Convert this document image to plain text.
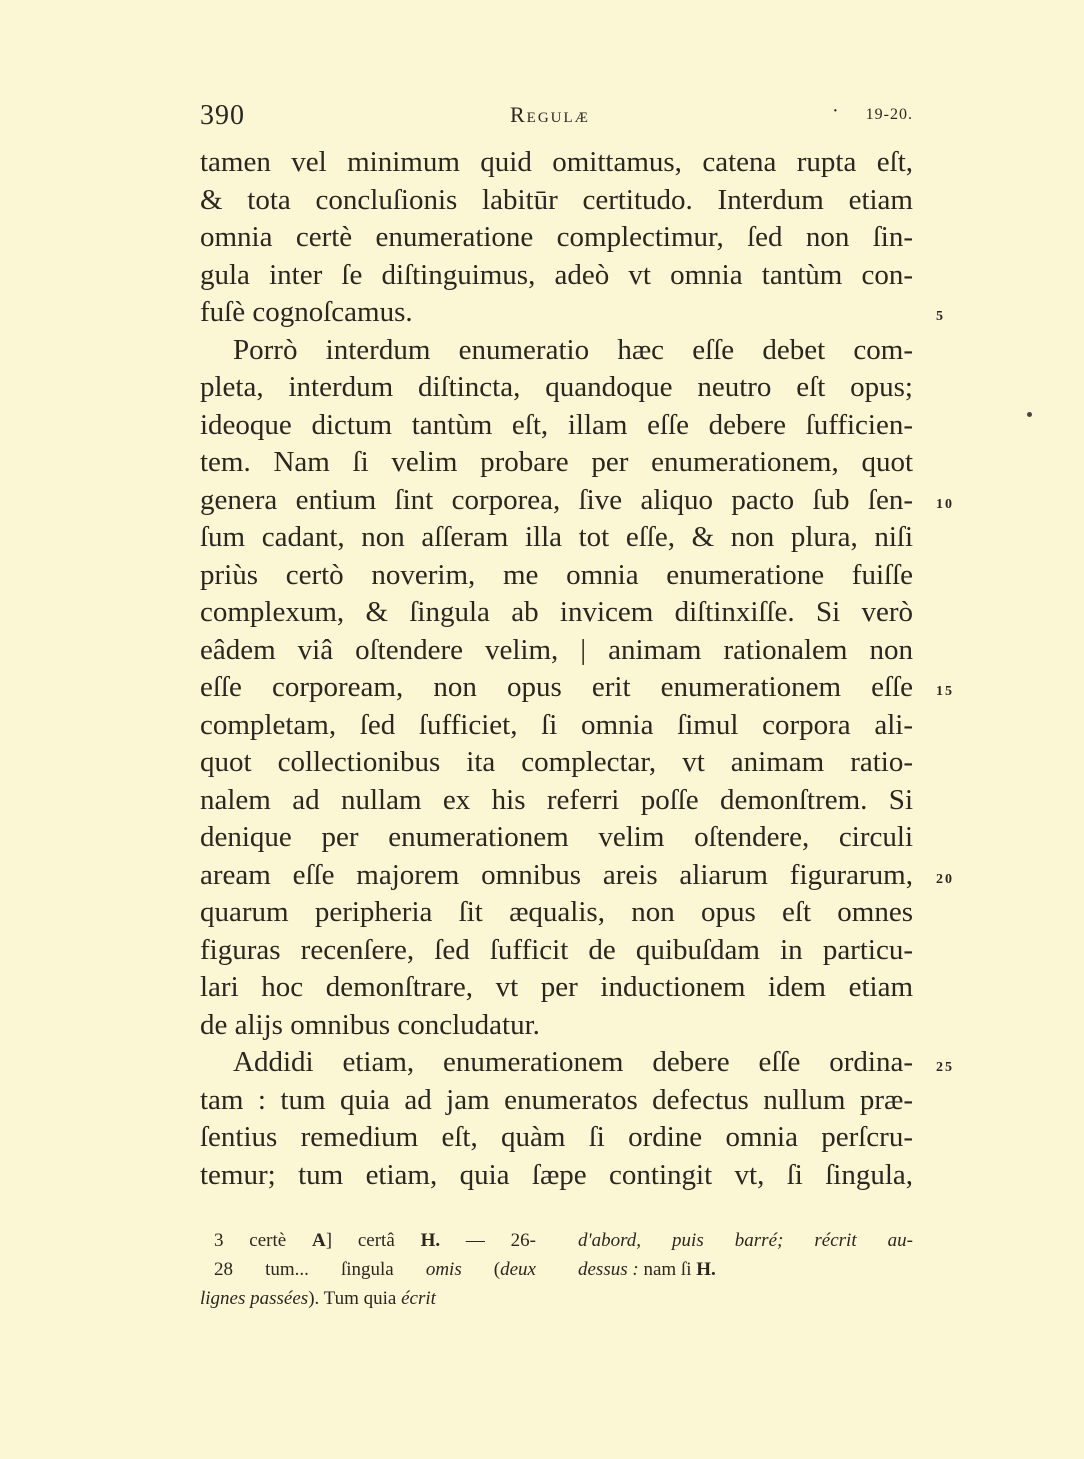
390	Regulæ	· 19-20.
tamen vel minimum quid omittamus, catena rupta eſt,
& tota concluſionis labitūr certitudo. Interdum etiam
omnia certè enumeratione complectimur, ſed non ſin-
gula inter ſe diſtinguimus, adeò vt omnia tantùm con-
fuſè cognoſcamus.
Porrò interdum enumeratio hæc eſſe debet com-
pleta, interdum diſtincta, quandoque neutro eſt opus;
ideoque dictum tantùm eſt, illam eſſe debere ſufficien-
tem. Nam ſi velim probare per enumerationem, quot
genera entium ſint corporea, ſive aliquo pacto ſub ſen-
ſum cadant, non aſſeram illa tot eſſe, & non plura, niſi
priùs certò noverim, me omnia enumeratione fuiſſe
complexum, & ſingula ab invicem diſtinxiſſe. Si verò
eâdem viâ oſtendere velim, | animam rationalem non
eſſe corpoream, non opus erit enumerationem eſſe
completam, ſed ſufficiet, ſi omnia ſimul corpora ali-
quot collectionibus ita complectar, vt animam ratio-
nalem ad nullam ex his referri poſſe demonſtrem. Si
denique per enumerationem velim oſtendere, circuli
aream eſſe majorem omnibus areis aliarum figurarum,
quarum peripheria ſit æqualis, non opus eſt omnes
figuras recenſere, ſed ſufficit de quibuſdam in particu-
lari hoc demonſtrare, vt per inductionem idem etiam
de alijs omnibus concludatur.
Addidi etiam, enumerationem debere eſſe ordina-
tam : tum quia ad jam enumeratos defectus nullum præ-
ſentius remedium eſt, quàm ſi ordine omnia perſcru-
temur; tum etiam, quia ſæpe contingit vt, ſi ſingula,
5
10
15
20
25
3 certè A] certâ H. — 26-
28 tum... ſingula omis (deux
lignes passées). Tum quia écrit
d'abord, puis barré; récrit au-
dessus : nam ſi H.
